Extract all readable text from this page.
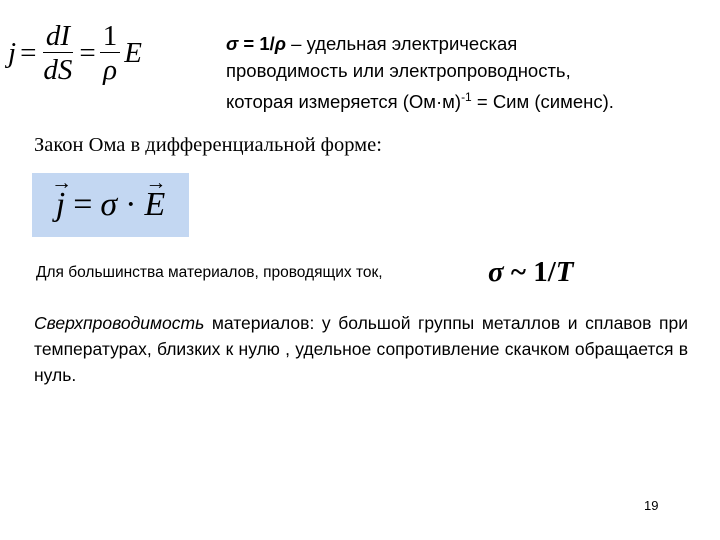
$j = \frac{dI}{dS} = \frac{1}{\rho}$ E	σ = 1/ρ – удельная электрическая
проводимость или электропроводность,
которая измеряется $(Ом\cdot м)^{-1}$ = Сим (сименс).
Закон Ома в дифференциальной форме:
j
→
= σ · E
→
Для большинства материалов, проводящих ток,	σ ~ 1/T
Сверхпроводимость материалов: у большой группы металлов и сплавов при температурах, близких к нулю , удельное сопротивление скачком обращается в нуль.
19
